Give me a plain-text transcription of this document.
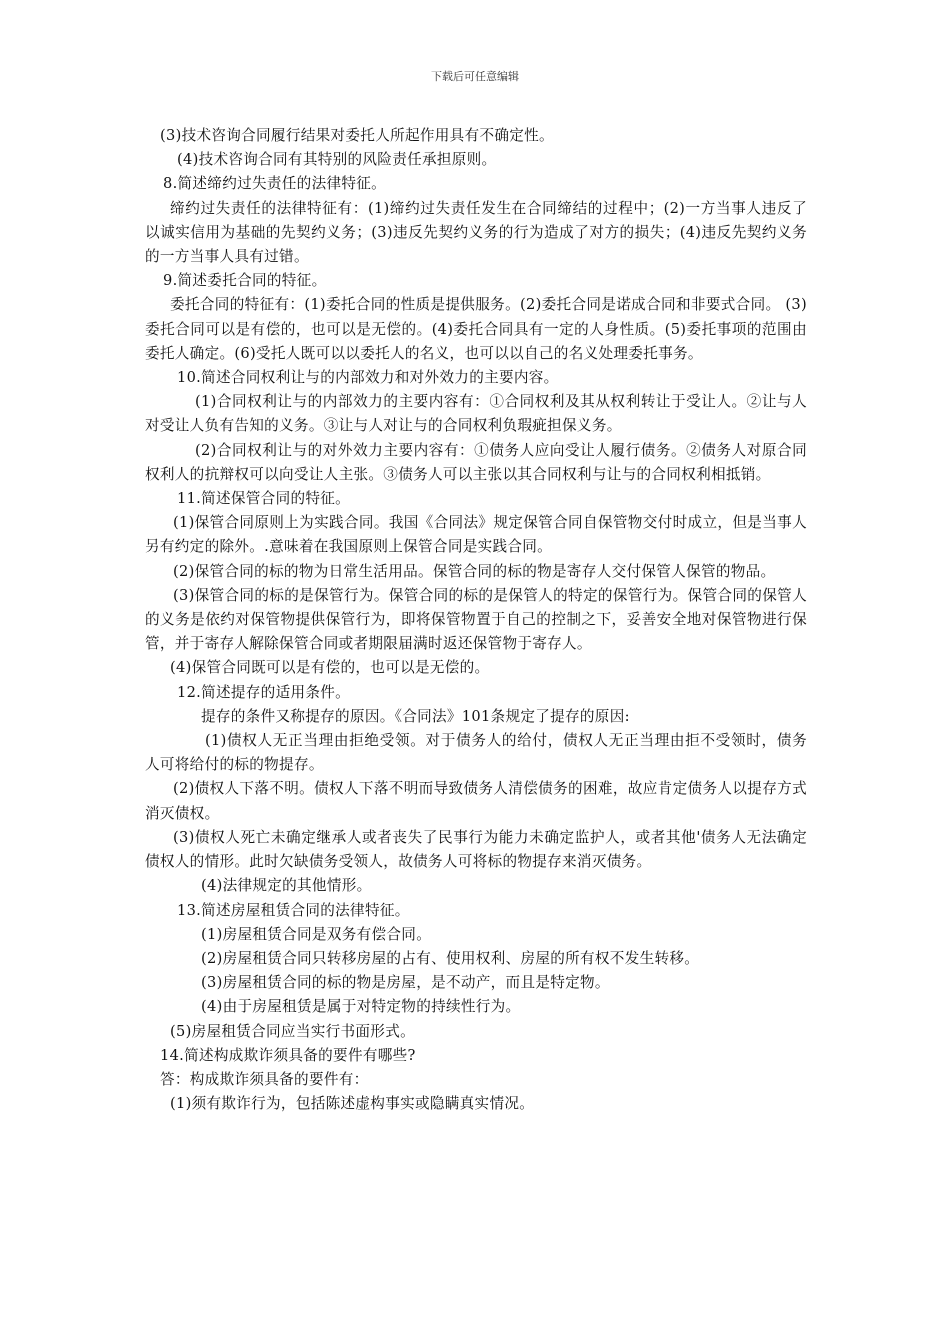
下载后可任意编辑

(3)技术咨询合同履行结果对委托人所起作用具有不确定性。

(4)技术咨询合同有其特别的风险责任承担原则。

8.简述缔约过失责任的法律特征。

缔约过失责任的法律特征有：(1)缔约过失责任发生在合同缔结的过程中；(2)一方当事人违反了以诚实信用为基础的先契约义务；(3)违反先契约义务的行为造成了对方的损失；(4)违反先契约义务的一方当事人具有过错。

9.简述委托合同的特征。

委托合同的特征有：(1)委托合同的性质是提供服务。(2)委托合同是诺成合同和非要式合同。 (3)委托合同可以是有偿的，也可以是无偿的。(4)委托合同具有一定的人身性质。(5)委托事项的范围由委托人确定。(6)受托人既可以以委托人的名义，也可以以自己的名义处理委托事务。

10.简述合同权利让与的内部效力和对外效力的主要内容。

(1)合同权利让与的内部效力的主要内容有：①合同权利及其从权利转让于受让人。②让与人对受让人负有告知的义务。③让与人对让与的合同权利负瑕疵担保义务。

(2)合同权利让与的对外效力主要内容有：①债务人应向受让人履行债务。②债务人对原合同权利人的抗辩权可以向受让人主张。③债务人可以主张以其合同权利与让与的合同权利相抵销。

11.简述保管合同的特征。

(1)保管合同原则上为实践合同。我国《合同法》规定保管合同自保管物交付时成立，但是当事人另有约定的除外。.意味着在我国原则上保管合同是实践合同。

(2)保管合同的标的物为日常生活用品。保管合同的标的物是寄存人交付保管人保管的物品。

(3)保管合同的标的是保管行为。保管合同的标的是保管人的特定的保管行为。保管合同的保管人的义务是依约对保管物提供保管行为，即将保管物置于自己的控制之下，妥善安全地对保管物进行保管，并于寄存人解除保管合同或者期限届满时返还保管物于寄存人。

(4)保管合同既可以是有偿的，也可以是无偿的。

12.简述提存的适用条件。

提存的条件又称提存的原因。《合同法》101条规定了提存的原因:

(1)债权人无正当理由拒绝受领。对于债务人的给付，债权人无正当理由拒不受领时，债务人可将给付的标的物提存。

(2)债权人下落不明。债权人下落不明而导致债务人清偿债务的困难，故应肯定债务人以提存方式消灭债权。

(3)债权人死亡未确定继承人或者丧失了民事行为能力未确定监护人，或者其他'债务人无法确定债权人的情形。此时欠缺债务受领人，故债务人可将标的物提存来消灭债务。

(4)法律规定的其他情形。

13.简述房屋租赁合同的法律特征。

(1)房屋租赁合同是双务有偿合同。

(2)房屋租赁合同只转移房屋的占有、使用权利、房屋的所有权不发生转移。

(3)房屋租赁合同的标的物是房屋，是不动产，而且是特定物。

(4)由于房屋租赁是属于对特定物的持续性行为。

(5)房屋租赁合同应当实行书面形式。

14.简述构成欺诈须具备的要件有哪些?

答：构成欺诈须具备的要件有：

(1)须有欺诈行为，包括陈述虚构事实或隐瞒真实情况。
